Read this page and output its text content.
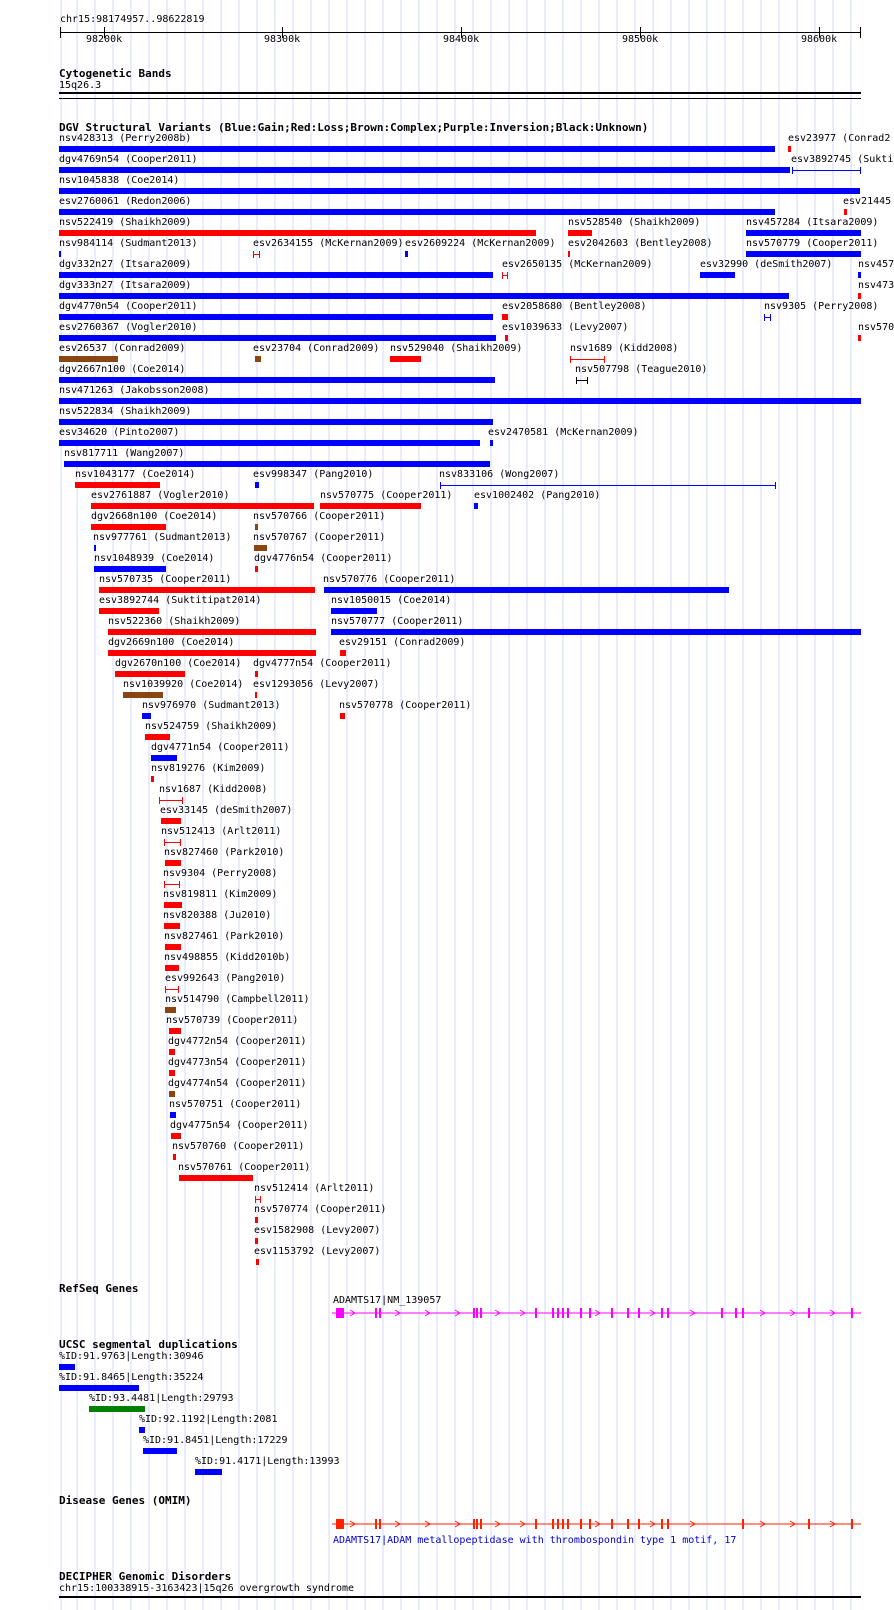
chr15:98174957..98622819
98200k	98300k	98400k	98500k	98600k
Cytogenetic Bands
15q26.3
DGV Structural Variants (Blue:Gain;Red:Loss;Brown:Complex;Purple:Inversion;Black:Unknown)
nsv428313 (Perry2008b)	esv23977 (Conrad2
dgv4769n54 (Cooper2011)	esv3892745 (Sukti
nsv1045838 (Coe2014)
esv2760061 (Redon2006)	esv21445
nsv522419 (Shaikh2009)	nsv528540 (Shaikh2009)	nsv457284 (Itsara2009)
nsv984114 (Sudmant2013)	esv2634155 (McKernan2009) esv2609224 (McKernan2009) esv2042603 (Bentley2008)	nsv570779 (Cooper2011)
dgv332n27 (Itsara2009)	esv2650135 (McKernan2009)	esv32990 (deSmith2007)	nsv457
dgv333n27 (Itsara2009)	nsv473
dgv4770n54 (Cooper2011)	esv2058680 (Bentley2008)	nsv9305 (Perry2008)
esv2760367 (Vogler2010)	esv1039633 (Levy2007)	nsv570
esv26537 (Conrad2009)	esv23704 (Conrad2009) nsv529040 (Shaikh2009)	nsv1689 (Kidd2008)
dgv2667n100 (Coe2014)	nsv507798 (Teague2010)
nsv471263 (Jakobsson2008)
nsv522834 (Shaikh2009)
esv34620 (Pinto2007)	esv2470581 (McKernan2009)
nsv817711 (Wang2007)
nsv1043177 (Coe2014)	esv998347 (Pang2010)	nsv833106 (Wong2007)
esv2761887 (Vogler2010)	nsv570775 (Cooper2011) esv1002402 (Pang2010)
dgv2668n100 (Coe2014)	nsv570766 (Cooper2011)
nsv977761 (Sudmant2013) nsv570767 (Cooper2011)
nsv1048939 (Coe2014)	dgv4776n54 (Cooper2011)
nsv570735 (Cooper2011)	nsv570776 (Cooper2011)
esv3892744 (Suktitipat2014)	nsv1050015 (Coe2014)
nsv522360 (Shaikh2009)	nsv570777 (Cooper2011)
dgv2669n100 (Coe2014)	esv29151 (Conrad2009)
dgv2670n100 (Coe2014) dgv4777n54 (Cooper2011)
nsv1039920 (Coe2014) esv1293056 (Levy2007)
nsv976970 (Sudmant2013)	nsv570778 (Cooper2011)
nsv524759 (Shaikh2009)
dgv4771n54 (Cooper2011)
nsv819276 (Kim2009)
nsv1687 (Kidd2008)
esv33145 (deSmith2007)
nsv512413 (Arlt2011)
nsv827460 (Park2010)
nsv9304 (Perry2008)
nsv819811 (Kim2009)
nsv820388 (Ju2010)
nsv827461 (Park2010)
nsv498855 (Kidd2010b)
esv992643 (Pang2010)
nsv514790 (Campbell2011)
nsv570739 (Cooper2011)
dgv4772n54 (Cooper2011)
dgv4773n54 (Cooper2011)
dgv4774n54 (Cooper2011)
nsv570751 (Cooper2011)
dgv4775n54 (Cooper2011)
nsv570760 (Cooper2011)
nsv570761 (Cooper2011)
nsv512414 (Arlt2011)
nsv570774 (Cooper2011)
esv1582908 (Levy2007)
esv1153792 (Levy2007)
RefSeq Genes
ADAMTS17|NM_139057
UCSC segmental duplications
%ID:91.9763|Length:30946
%ID:91.8465|Length:35224
%ID:93.4481|Length:29793
%ID:92.1192|Length:2081
%ID:91.8451|Length:17229
%ID:91.4171|Length:13993
Disease Genes (OMIM)
ADAMTS17|ADAM metallopeptidase with thrombospondin type 1 motif, 17
DECIPHER Genomic Disorders
chr15:100338915-3163423|15q26 overgrowth syndrome
